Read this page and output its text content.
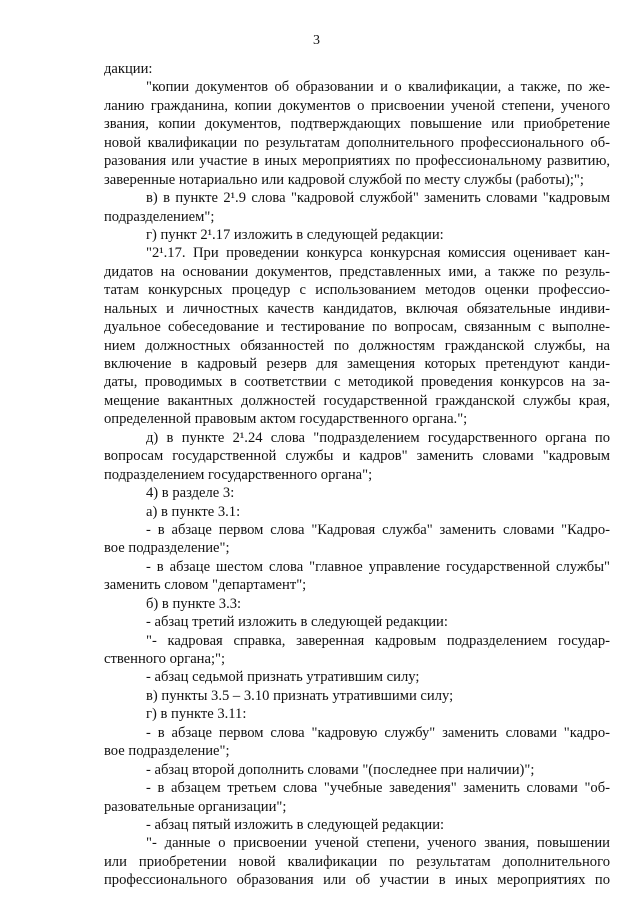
3
дакции:
"копии документов об образовании и о квалификации, а также, по же-
ланию гражданина, копии документов о присвоении ученой степени, ученого
звания, копии документов, подтверждающих повышение или приобретение
новой квалификации по результатам дополнительного профессионального об-
разования или участие в иных мероприятиях по профессиональному развитию,
заверенные нотариально или кадровой службой по месту службы (работы);";
в) в пункте 2¹.9 слова "кадровой службой" заменить словами "кадровым
подразделением";
г) пункт 2¹.17 изложить в следующей редакции:
"2¹.17. При проведении конкурса конкурсная комиссия оценивает кан-
дидатов на основании документов, представленных ими, а также по резуль-
татам конкурсных процедур с использованием методов оценки профессио-
нальных и личностных качеств кандидатов, включая обязательные индиви-
дуальное собеседование и тестирование по вопросам, связанным с выполне-
нием должностных обязанностей по должностям гражданской службы, на
включение в кадровый резерв для замещения которых претендуют канди-
даты, проводимых в соответствии с методикой проведения конкурсов на за-
мещение вакантных должностей государственной гражданской службы края,
определенной правовым актом государственного органа.";
д) в пункте 2¹.24 слова "подразделением государственного органа по
вопросам государственной службы и кадров" заменить словами "кадровым
подразделением государственного органа";
4) в разделе 3:
а) в пункте 3.1:
- в абзаце первом слова "Кадровая служба" заменить словами "Кадро-
вое подразделение";
- в абзаце шестом слова "главное управление государственной службы"
заменить словом "департамент";
б) в пункте 3.3:
- абзац третий изложить в следующей редакции:
"- кадровая справка, заверенная кадровым подразделением государ-
ственного органа;";
- абзац седьмой признать утратившим силу;
в) пункты 3.5 – 3.10 признать утратившими силу;
г) в пункте 3.11:
- в абзаце первом слова "кадровую службу" заменить словами "кадро-
вое подразделение";
- абзац второй дополнить словами "(последнее при наличии)";
- в абзацем третьем слова "учебные заведения" заменить словами "об-
разовательные организации";
- абзац пятый изложить в следующей редакции:
"- данные о присвоении ученой степени, ученого звания, повышении
или приобретении новой квалификации по результатам дополнительного
профессионального образования или об участии в иных мероприятиях по
